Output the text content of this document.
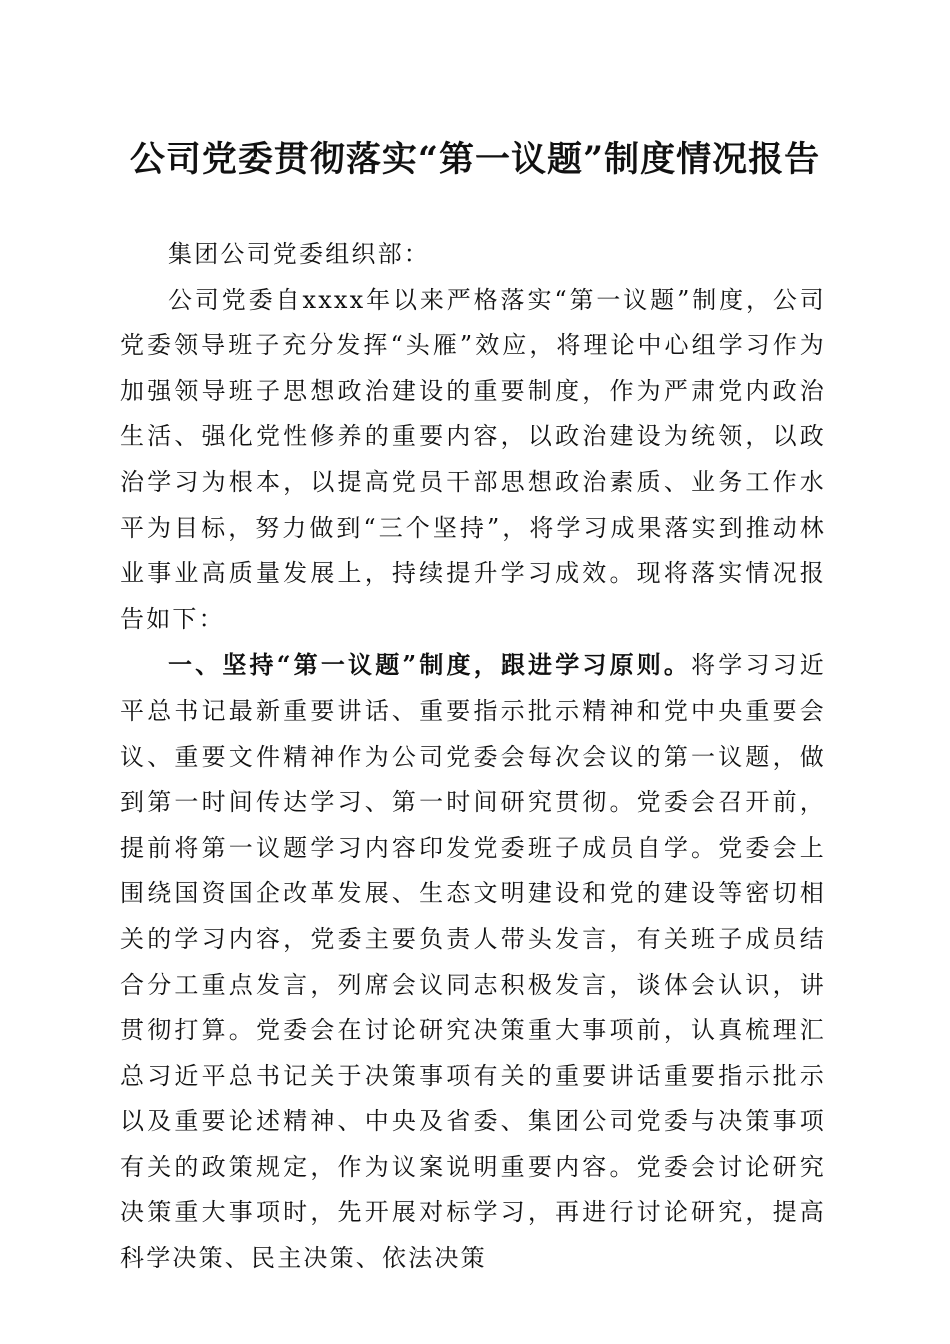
公司党委贯彻落实“第一议题”制度情况报告

集团公司党委组织部：

公司党委自xxxx年以来严格落实“第一议题”制度，公司党委领导班子充分发挥“头雁”效应，将理论中心组学习作为加强领导班子思想政治建设的重要制度，作为严肃党内政治生活、强化党性修养的重要内容，以政治建设为统领，以政治学习为根本，以提高党员干部思想政治素质、业务工作水平为目标，努力做到“三个坚持”，将学习成果落实到推动林业事业高质量发展上，持续提升学习成效。现将落实情况报告如下：

一、坚持“第一议题”制度，跟进学习原则。将学习习近平总书记最新重要讲话、重要指示批示精神和党中央重要会议、重要文件精神作为公司党委会每次会议的第一议题，做到第一时间传达学习、第一时间研究贯彻。党委会召开前，提前将第一议题学习内容印发党委班子成员自学。党委会上围绕国资国企改革发展、生态文明建设和党的建设等密切相关的学习内容，党委主要负责人带头发言，有关班子成员结合分工重点发言，列席会议同志积极发言，谈体会认识，讲贯彻打算。党委会在讨论研究决策重大事项前，认真梳理汇总习近平总书记关于决策事项有关的重要讲话重要指示批示以及重要论述精神、中央及省委、集团公司党委与决策事项有关的政策规定，作为议案说明重要内容。党委会讨论研究决策重大事项时，先开展对标学习，再进行讨论研究，提高科学决策、民主决策、依法决策
